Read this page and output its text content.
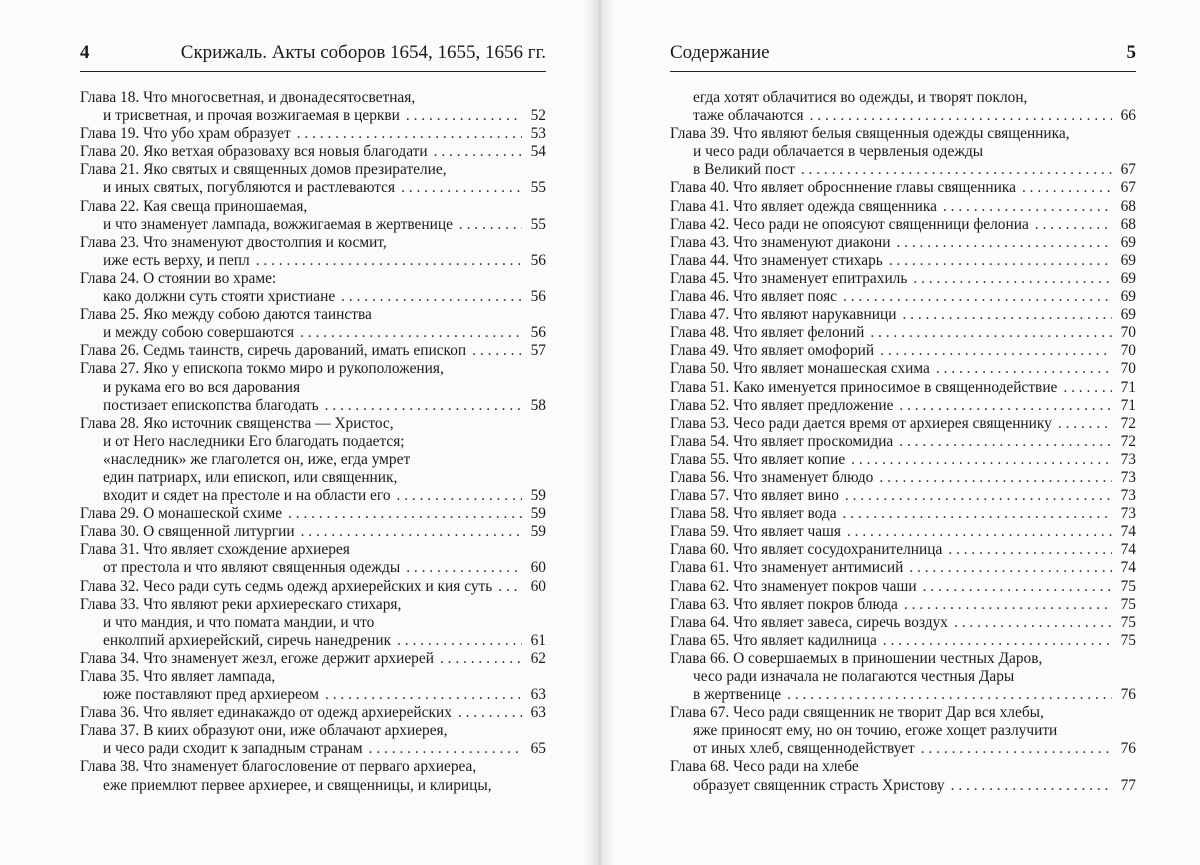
4	Скрижаль. Акты соборов 1654, 1655, 1656 гг.
Глава 18. Что многосветная, и двонадесятосветная,
и трисветная, и прочая возжигаемая в церкви . . .	52
Глава 19. Что убо храм образует . . .	53
Глава 20. Яко ветхая образоваху вся новыя благодати . . .	54
Глава 21. Яко святых и священных домов презирателие,
и иных святых, погубляются и растлеваются . . .	55
Глава 22. Кая свеща приношаемая,
и что знаменует лампада, вожжигаемая в жертвенице . . .	55
Глава 23. Что знаменуют двостолпия и космит,
иже есть верху, и пепл . . .	56
Глава 24. О стоянии во храме:
како должни суть стояти христиане . . .	56
Глава 25. Яко между собою даются таинства
и между собою совершаются . . .	56
Глава 26. Седмь таинств, сиречь дарований, имать епископ . . .	57
Глава 27. Яко у епископа токмо миро и рукоположения,
и рукама его во вся дарования
постизает епископства благодать . . .	58
Глава 28. Яко источник священства — Христос,
и от Него наследники Его благодать подается;
«наследник» же глаголется он, иже, егда умрет
един патриарх, или епископ, или священник,
входит и сядет на престоле и на области его . . .	59
Глава 29. О монашеской схиме . . .	59
Глава 30. О священной литургии . . .	59
Глава 31. Что являет схождение архиерея
от престола и что являют священныя одежды . . .	60
Глава 32. Чесо ради суть седмь одежд архиерейских и кия суть . . . 60
Глава 33. Что являют реки архиерескаго стихаря,
и что мандия, и что помата мандии, и что
енколпий архиерейский, сиречь нанедреник . . .	61
Глава 34. Что знаменует жезл, егоже держит архиерей . . .	62
Глава 35. Что являет лампада,
юже поставляют пред архиереом . . .	63
Глава 36. Что являет единакаждо от одежд архиерейских . . .	63
Глава 37. В киих образуют они, иже облачают архиерея,
и чесо ради сходит к западным странам . . .	65
Глава 38. Что знаменует благословение от перваго архиереа,
еже приемлют первее архиерее, и священницы, и клирицы,
Содержание	5
егда хотят облачитися во одежды, и творят поклон,
таже облачаются . . .	66
Глава 39. Что являют белыя священныя одежды священника,
и чесо ради облачается в червленыя одежды
в Великий пост . . .	67
Глава 40. Что являет обросннение главы священника . . .	67
Глава 41. Что являет одежда священника . . .	68
Глава 42. Чесо ради не опоясуют священници фелониа . . .	68
Глава 43. Что знаменуют диакони . . .	69
Глава 44. Что знаменует стихарь . . .	69
Глава 45. Что знаменует епитрахиль . . .	69
Глава 46. Что являет пояс . . .	69
Глава 47. Что являют нарукавници . . .	69
Глава 48. Что являет фелоний . . .	70
Глава 49. Что являет омофорий . . .	70
Глава 50. Что являет монашеская схима . . .	70
Глава 51. Како именуется приносимое в священнодействие . . .	71
Глава 52. Что являет предложение . . .	71
Глава 53. Чесо ради дается время от архиерея священнику . . .	72
Глава 54. Что являет проскомидиа . . .	72
Глава 55. Что являет копие . . .	73
Глава 56. Что знаменует блюдо . . .	73
Глава 57. Что являет вино . . .	73
Глава 58. Что являет вода . . .	73
Глава 59. Что являет чашя . . .	74
Глава 60. Что являет сосудохранителница . . .	74
Глава 61. Что знаменует антимисий . . .	74
Глава 62. Что знаменует покров чаши . . .	75
Глава 63. Что являет покров блюда . . .	75
Глава 64. Что являет завеса, сиречь воздух . . .	75
Глава 65. Что являет кадилница . . .	75
Глава 66. О совершаемых в приношении честных Даров,
чесо ради изначала не полагаются честныя Дары
в жертвенице . . .	76
Глава 67. Чесо ради священник не творит Дар вся хлебы,
яже приносят ему, но он точию, егоже хощет разлучити
от иных хлеб, священнодействует . . .	76
Глава 68. Чесо ради на хлебе
образует священник страсть Христову . . .	77
